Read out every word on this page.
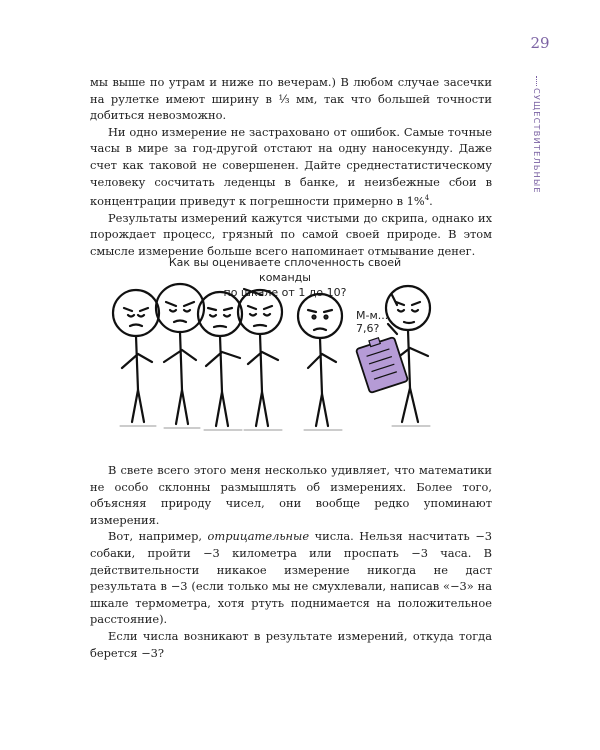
29
СУЩЕСТВИТЕЛЬНЫЕ

мы выше по утрам и ниже по вечерам.) В любом случае засечки на рулетке имеют ширину в ⅓ мм, так что большей точности добиться невозможно.

Ни одно измерение не застраховано от ошибок. Самые точные часы в мире за год-другой отстают на одну наносекунду. Даже счет как таковой не совершенен. Дайте среднестатистическому человеку сосчитать леденцы в банке, и неизбежные сбои в концентрации приведут к погрешности примерно в 1%$^4$.

Результаты измерений кажутся чистыми до скрипа, однако их порождает процесс, грязный по самой своей природе. В этом смысле измерение больше всего напоминает отмывание денег.

Как вы оцениваете сплоченность своей команды
по шкале от 1 до 10?
М-м...
7,6?

В свете всего этого меня несколько удивляет, что математики не особо склонны размышлять об измерениях. Более того, объясняя природу чисел, они вообще редко упоминают измерения.

Вот, например, отрицательные числа. Нельзя насчитать −3 собаки, пройти −3 километра или проспать −3 часа. В действительности никакое измерение никогда не даст результата в −3 (если только мы не смухлевали, написав «−3» на шкале термометра, хотя ртуть поднимается на положительное расстояние).

Если числа возникают в результате измерений, откуда тогда берется −3?
